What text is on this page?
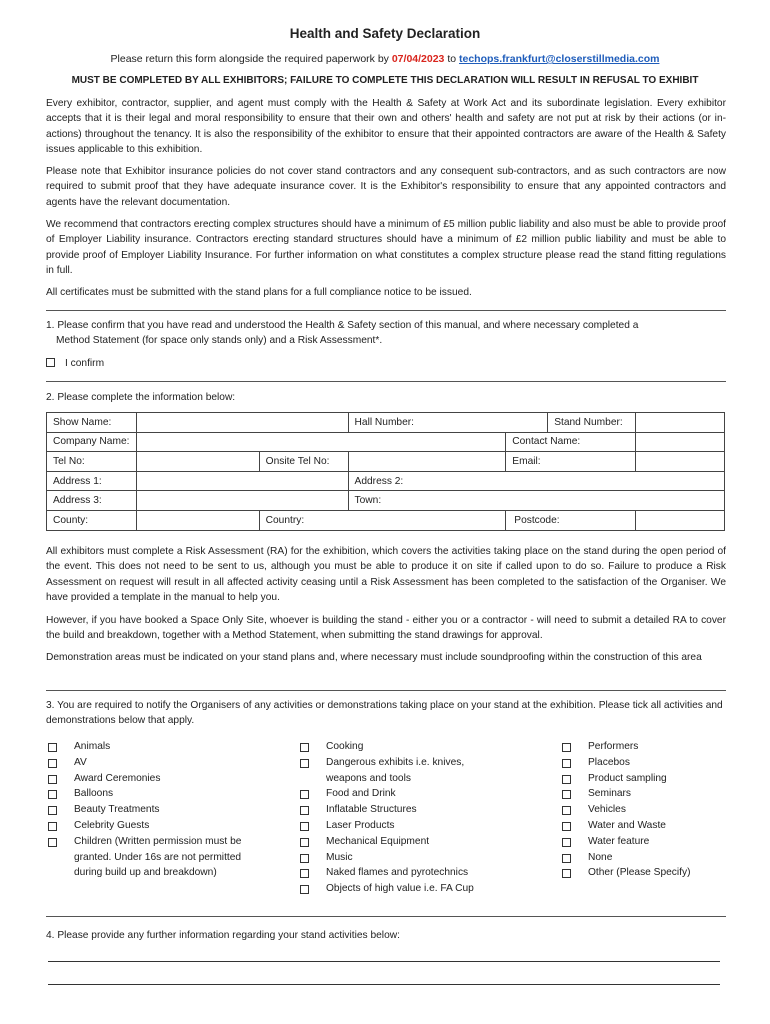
Health and Safety Declaration
Please return this form alongside the required paperwork by 07/04/2023 to techops.frankfurt@closerstillmedia.com
MUST BE COMPLETED BY ALL EXHIBITORS; FAILURE TO COMPLETE THIS DECLARATION WILL RESULT IN REFUSAL TO EXHIBIT

Every exhibitor, contractor, supplier, and agent must comply with the Health & Safety at Work Act and its subordinate legislation. Every exhibitor accepts that it is their legal and moral responsibility to ensure that their own and others' health and safety are not put at risk by their actions (or in-actions) throughout the tenancy. It is also the responsibility of the exhibitor to ensure that their appointed contractors are aware of the Health & Safety issues applicable to this exhibition.

Please note that Exhibitor insurance policies do not cover stand contractors and any consequent sub-contractors, and as such contractors are now required to submit proof that they have adequate insurance cover. It is the Exhibitor's responsibility to ensure that any appointed contractors and agents have the relevant documentation.

We recommend that contractors erecting complex structures should have a minimum of £5 million public liability and also must be able to provide proof of Employer Liability insurance. Contractors erecting standard structures should have a minimum of £2 million public liability and must be able to provide proof of Employer Liability Insurance. For further information on what constitutes a complex structure please read the stand fitting regulations in full.

All certificates must be submitted with the stand plans for a full compliance notice to be issued.

1. Please confirm that you have read and understood the Health & Safety section of this manual, and where necessary completed a
Method Statement (for space only stands only) and a Risk Assessment*.

I confirm
2. Please complete the information below:
Show Name:			Hall Number:		Stand Number:	
Company Name:				Contact Name:		
Tel No:		Onsite Tel No:		Email:		
Address 1:			Address 2:			
Address 3:			Town:			
County:		Country:		Postcode:		

All exhibitors must complete a Risk Assessment (RA) for the exhibition, which covers the activities taking place on the stand during the open period of the event. This does not need to be sent to us, although you must be able to produce it on site if called upon to do so. Failure to produce a Risk Assessment on request will result in all affected activity ceasing until a Risk Assessment has been completed to the satisfaction of the Organiser. We have provided a template in the manual to help you.

However, if you have booked a Space Only Site, whoever is building the stand - either you or a contractor - will need to submit a detailed RA to cover the build and breakdown, together with a Method Statement, when submitting the stand drawings for approval.

Demonstration areas must be indicated on your stand plans and, where necessary must include soundproofing within the construction of this area

3. You are required to notify the Organisers of any activities or demonstrations taking place on your stand at the exhibition. Please tick all activities and demonstrations below that apply.

Animals
AV
Award Ceremonies
Balloons
Beauty Treatments
Celebrity Guests
Children (Written permission must be granted. Under 16s are not permitted during build up and breakdown)
Cooking
Dangerous exhibits i.e. knives, weapons and tools
Food and Drink
Inflatable Structures
Laser Products
Mechanical Equipment
Music
Naked flames and pyrotechnics
Objects of high value i.e. FA Cup
Performers
Placebos
Product sampling
Seminars
Vehicles
Water and Waste
Water feature
None
Other (Please Specify)
4. Please provide any further information regarding your stand activities below:
